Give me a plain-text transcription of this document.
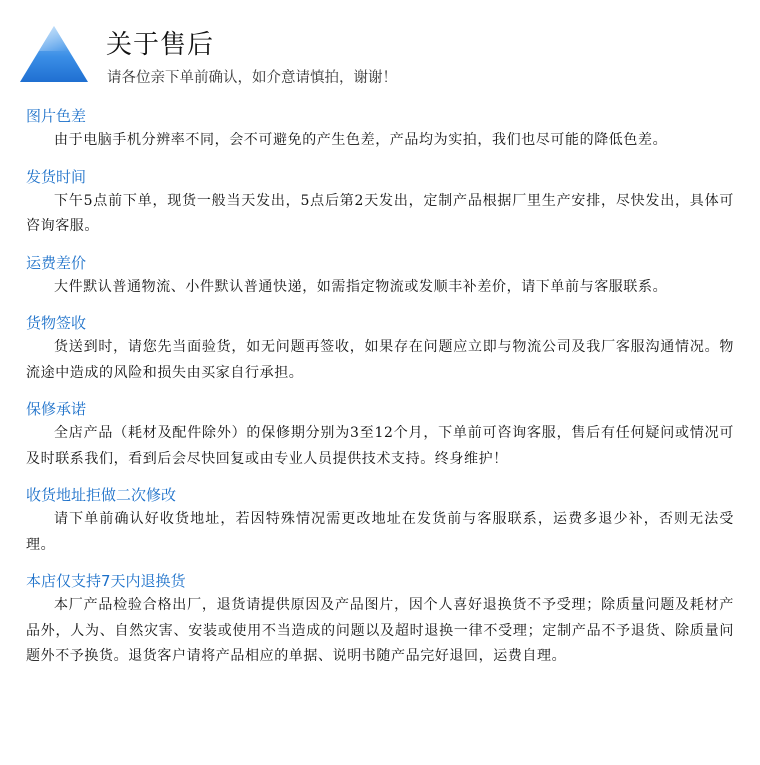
关于售后
请各位亲下单前确认，如介意请慎拍，谢谢！
图片色差

由于电脑手机分辨率不同，会不可避免的产生色差，产品均为实拍，我们也尽可能的降低色差。

发货时间

下午5点前下单，现货一般当天发出，5点后第2天发出，定制产品根据厂里生产安排，尽快发出，具体可咨询客服。

运费差价

大件默认普通物流、小件默认普通快递，如需指定物流或发顺丰补差价，请下单前与客服联系。

货物签收

货送到时，请您先当面验货，如无问题再签收，如果存在问题应立即与物流公司及我厂客服沟通情况。物流途中造成的风险和损失由买家自行承担。

保修承诺

全店产品（耗材及配件除外）的保修期分别为3至12个月，下单前可咨询客服，售后有任何疑问或情况可及时联系我们，看到后会尽快回复或由专业人员提供技术支持。终身维护！

收货地址拒做二次修改

请下单前确认好收货地址，若因特殊情况需更改地址在发货前与客服联系，运费多退少补，否则无法受理。

本店仅支持7天内退换货

本厂产品检验合格出厂，退货请提供原因及产品图片，因个人喜好退换货不予受理；除质量问题及耗材产品外，人为、自然灾害、安装或使用不当造成的问题以及超时退换一律不受理；定制产品不予退货、除质量问题外不予换货。退货客户请将产品相应的单据、说明书随产品完好退回，运费自理。
